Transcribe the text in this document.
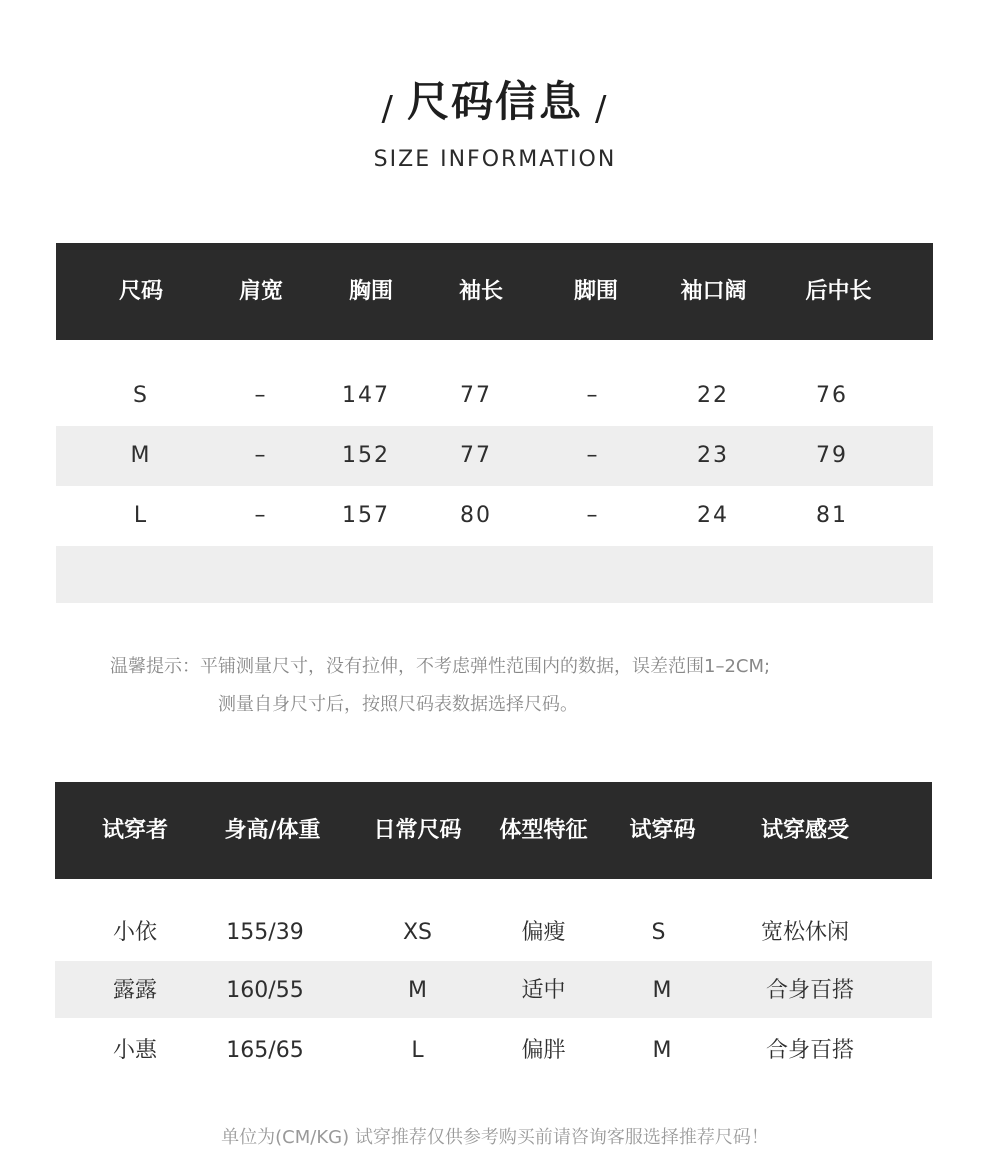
/ 尺码信息 /
SIZE INFORMATION
尺码	肩宽	胸围	袖长	脚围	袖口阔	后中长
S	–	147	77	–	22	76
M	–	152	77	–	23	79
L	–	157	80	–	24	81
温馨提示：平铺测量尺寸，没有拉伸，不考虑弹性范围内的数据，误差范围1–2CM;
测量自身尺寸后，按照尺码表数据选择尺码。
试穿者	身高/体重	日常尺码	体型特征	试穿码	试穿感受
小依	155/39	XS	偏瘦	S	宽松休闲
露露	160/55	M	适中	M	合身百搭
小惠	165/65	L	偏胖	M	合身百搭
单位为(CM/KG) 试穿推荐仅供参考购买前请咨询客服选择推荐尺码！
